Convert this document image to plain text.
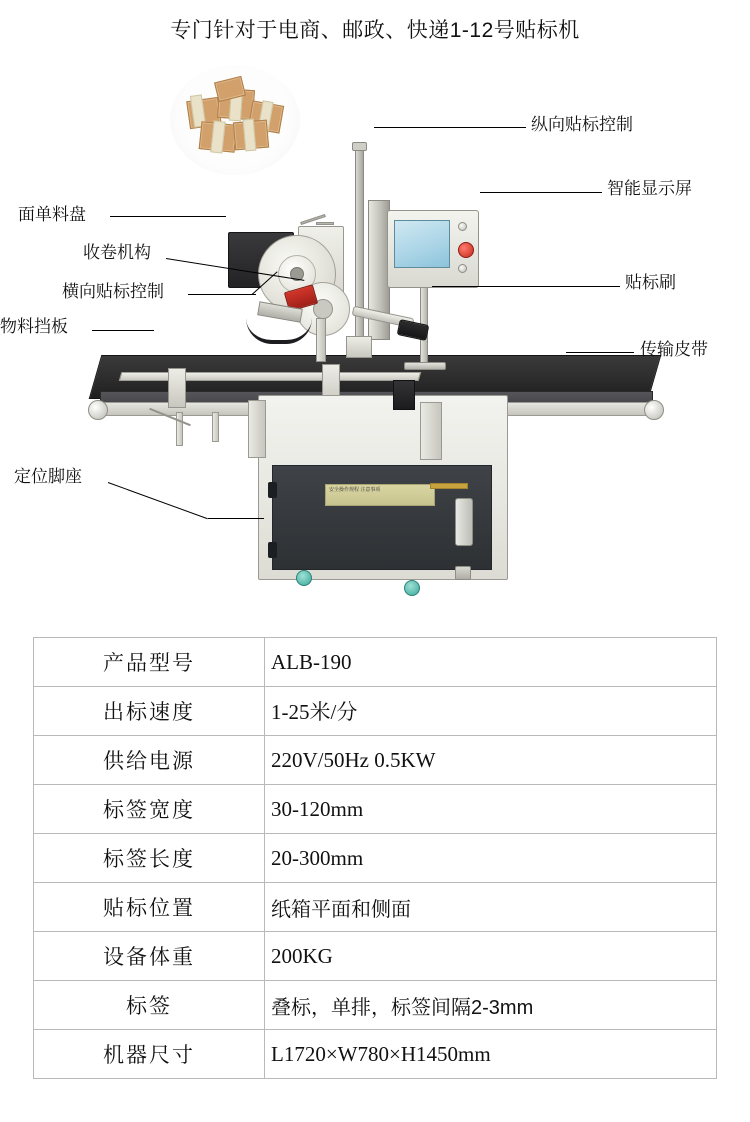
专门针对于电商、邮政、快递1-12号贴标机
安全操作规程 注意事项
纵向贴标控制
智能显示屏
面单料盘
收卷机构
横向贴标控制
物料挡板
贴标刷
传输皮带
定位脚座
产品型号	ALB-190
出标速度	1-25米/分
供给电源	220V/50Hz 0.5KW
标签宽度	30-120mm
标签长度	20-300mm
贴标位置	纸箱平面和侧面
设备体重	200KG
标签	叠标，单排，标签间隔2-3mm
机器尺寸	L1720×W780×H1450mm
